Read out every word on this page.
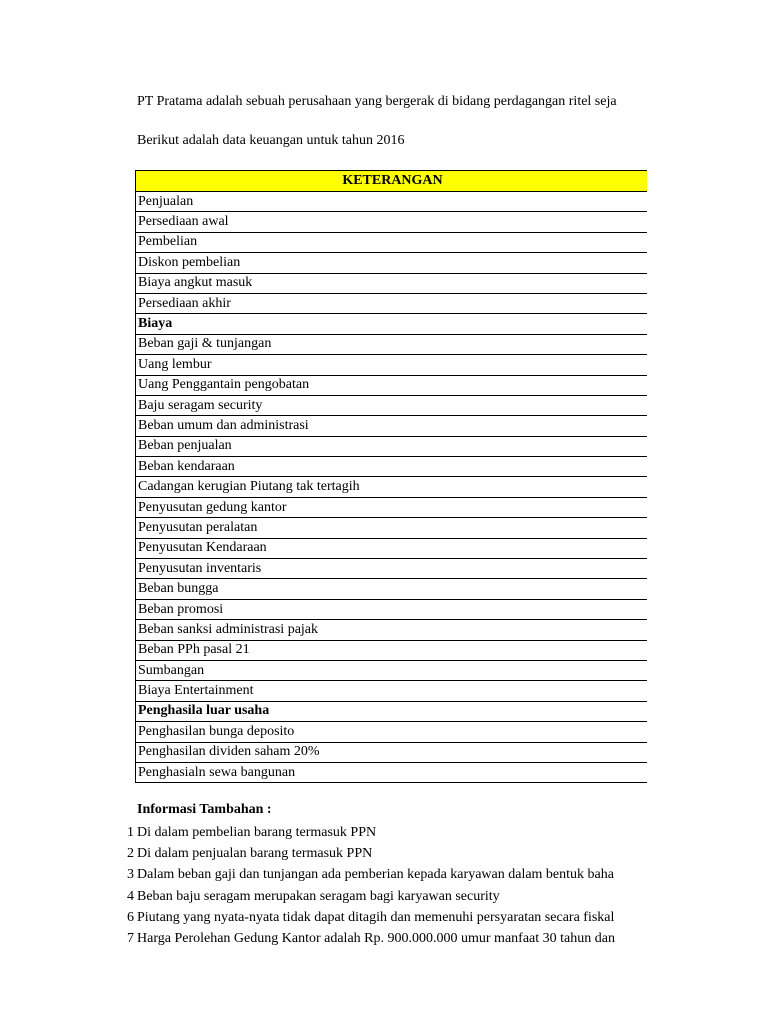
PT Pratama adalah sebuah perusahaan yang bergerak di bidang perdagangan ritel seja
Berikut adalah data keuangan untuk tahun 2016
KETERANGAN
Penjualan
Persediaan awal
Pembelian
Diskon pembelian
Biaya angkut masuk
Persediaan akhir
Biaya
Beban gaji & tunjangan
Uang lembur
Uang Penggantain pengobatan
Baju seragam security
Beban umum dan administrasi
Beban penjualan
Beban kendaraan
Cadangan kerugian Piutang tak tertagih
Penyusutan gedung kantor
Penyusutan peralatan
Penyusutan Kendaraan
Penyusutan inventaris
Beban bungga
Beban promosi
Beban sanksi administrasi pajak
Beban PPh pasal 21
Sumbangan
Biaya Entertainment
Penghasila luar usaha
Penghasilan bunga deposito
Penghasilan dividen saham 20%
Penghasialn sewa bangunan
Informasi Tambahan :
1 Di dalam pembelian barang termasuk PPN
2 Di dalam penjualan barang termasuk PPN
3 Dalam beban gaji dan tunjangan ada pemberian kepada karyawan dalam bentuk baha
4 Beban baju seragam merupakan seragam bagi karyawan security
6 Piutang yang nyata-nyata tidak dapat ditagih dan memenuhi persyaratan secara fiskal
7 Harga Perolehan Gedung Kantor adalah Rp. 900.000.000 umur manfaat 30 tahun dan
